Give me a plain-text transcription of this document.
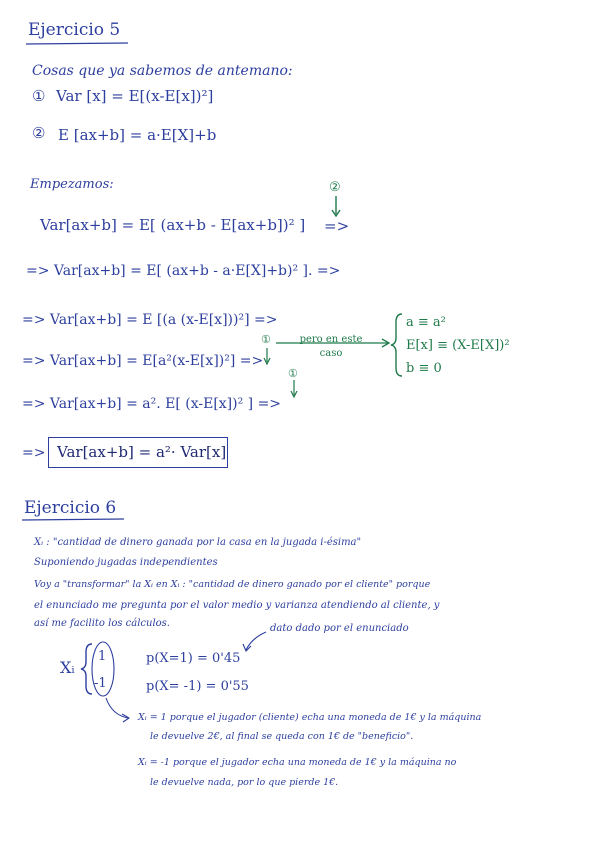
Ejercicio 5
Cosas que ya sabemos de antemano:
① Var [x] = E[(x-E[x])²]
② E [ax+b] = a·E[X]+b
Empezamos:	②
Var[ax+b] = E[ (ax+b - E[ax+b])² ] =>
=> Var[ax+b] = E[ (ax+b - a·E[X]+b)² ]. =>
=> Var[ax+b] = E [(a (x-E[x]))²] =>
①	pero en este caso
=> Var[ax+b] = E[a²(x-E[x])²] =>
a ≡ a²
E[x] ≡ (X-E[X])²
b ≡ 0
①
=> Var[ax+b] = a². E[ (x-E[x])² ] =>
=> Var[ax+b] = a²· Var[x]
Ejercicio 6
Xᵢ : "cantidad de dinero ganada por la casa en la jugada i-ésima"
Suponiendo jugadas independientes
Voy a "transformar" la Xᵢ en Xᵢ : "cantidad de dinero ganado por el cliente" porque
el enunciado me pregunta por el valor medio y varianza atendiendo al cliente, y
así me facilito los cálculos.	dato dado por el enunciado
Xᵢ
1
-1
p(X=1) = 0'45
p(X= -1) = 0'55
Xᵢ = 1 porque el jugador (cliente) echa una moneda de 1€ y la máquina
le devuelve 2€, al final se queda con 1€ de "beneficio".
Xᵢ = -1 porque el jugador echa una moneda de 1€ y la máquina no
le devuelve nada, por lo que pierde 1€.
